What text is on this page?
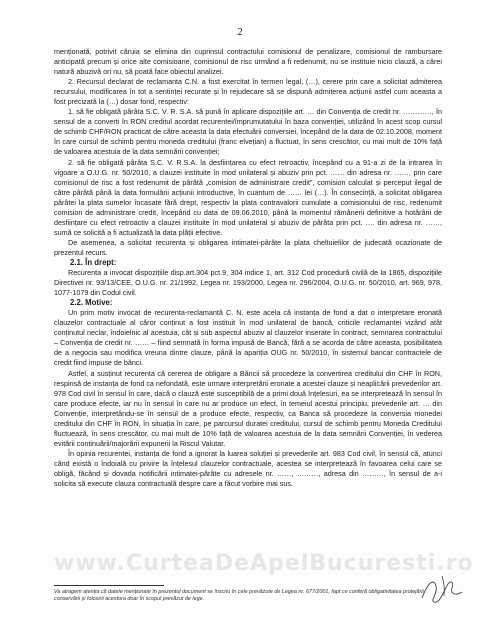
2

menționată, potrivit căruia se elimina din cuprinsul contractului comisionul de penalizare, comisionul de rambursare anticipată precum și orice alte comisioane, comisionul de risc urmând a fi redenumit, nu se instituie nicio clauză, a cărei natură abuzivă ori nu, să poată face obiectul analizei.

2. Recursul declarat de reclamanta C.N. a fost exercitat în termen legal, (…), cerere prin care a solicitat admiterea recursului, modificarea în tot a sentinței recurate și în rejudecare să se dispună admiterea acțiunii astfel cum aceasta a fost precizată la (…) dosar fond, respectiv:

1. să fie obligată pârâta S.C. V. R. S.A. să pună în aplicare dispozițiile art. … din Convenția de credit nr. …………, în sensul de a converti în RON creditul acordat recurentei/împrumutatului în baza convenției, utilizând în acest scop cursul de schimb CHF/RON practicat de către aceasta la data efectuării conversiei, începând de la data de 02.10.2008, moment în care cursul de schimb pentru moneda creditului (franc elvețian) a fluctuat, în sens crescător, cu mai mult de 10% față de valoarea acestuia de la data semnării convenției;

2. să fie obligată pârâta S.C. V. R.S.A. la desființarea cu efect retroactiv, începând cu a 91-a zi de la intrarea în vigoare a O.U.G. nr. 50/2010, a clauzei instituite în mod unilateral și abuziv prin pct. …… din adresa nr. ……, prin care comisionul de risc a fost redenumit de pârâtă „comision de administrare credit”, comision calculat și perceput ilegal de către pârâtă până la data formulării acțiunii introductive, în cuantum de …… lei (…). În consecință, a solicitat obligarea pârâtei la plata sumelor încasate fără drept, respectiv la plata contravalorii cumulate a comisionului de risc, redenumit comision de administrare credit, începând cu data de 09.06.2010, până la momentul rămânerii definitive a hotărârii de desființare cu efect retroactiv a clauzei instituite în mod unilateral și abuziv de pârâta prin pct. …. din adresa nr. ……, sumă ce solicită a fi actualizată la data plății efective.

De asemenea, a solicitat recurenta și obligarea intimatei-pârâte la plata cheltuielilor de judecată ocazionate de prezentul recurs.

2.1. În drept:

Recurenta a invocat dispozițiile disp.art.304 pct.9, 304 indice 1, art. 312 Cod procedură civilă de la 1865, dispozițiile Directivei nr. 93/13/CEE, O.U.G. nr. 21/1992, Legea nr. 193/2000, Legea nr. 296/2004, O.U.G. nr. 50/2010, art. 969, 978, 1077-1079 din Codul civil.

2.2. Motive:

Un prim motiv invocat de recurenta-reclamantă C. N. este acela că instanța de fond a dat o interpretare eronată clauzelor contractuale al căror conținut a fost instituit în mod unilateral de bancă, criticile reclamantei vizând atât conținutul neclar, îndoielnic al acestuia, cât și sub aspectul abuziv al clauzelor inserate în contract, semnarea contractului – Convenția de credit nr. …… – fiind semnată în forma impusă de Bancă, fără a se acorda de către aceasta, posibilitatea de a negocia sau modifica vreuna dintre clauze, până la apariția OUG nr. 50/2010, în sistemul bancar contractele de credit fiind impuse de bănci.

Astfel, a susținut recurenta că cererea de obligare a Băncii să procedeze la convertirea creditului din CHF în RON, respinsă de instanța de fond ca nefondată, este urmare interpretării eronate a acestei clauze și neaplicării prevederilor art. 978 Cod civil în sensul în care, dacă o clauză este susceptibilă de a primi două înțelesuri, ea se interpretează în sensul în care produce efecte, iar nu în sensul în care nu ar produce un efect, în temeiul acestui principiu, prevederile art. … din Convenție, interpretându-se în sensul de a produce efecte, respectiv, ca Banca să procedeze la conversia monedei creditului din CHF în RON, în situația în care, pe parcursul duratei creditului, cursul de schimb pentru Moneda Creditului fluctuează, în sens crescător, cu mai mult de 10% față de valoarea acestuia de la data semnării Convenției, în vederea evitării continuării/majorării expunerii la Riscul Valutar.

În opinia recurentei, instanța de fond a ignorat la luarea soluției și prevederile art. 983 Cod civil, în sensul că, atunci când există o îndoială cu privire la înțelesul clauzelor contractuale, acestea se interpretează în favoarea celui care se obligă, făcând și dovada notificării intimatei-pârâte cu adresele nr. ……, ………, adresa din ………, în sensul de a-i solicita să execute clauza contractuală despre care a făcut vorbire mai sus.

www.CurteaDeApelBucuresti.ro
Va atragem atenția că datele menționate în prezentul document se înscriu în cele prevăzute de Legea nr. 677/2001, fapt ce conferă obligativitatea protejării, conservării și folosirii acestora doar în scopul prevăzut de lege.
